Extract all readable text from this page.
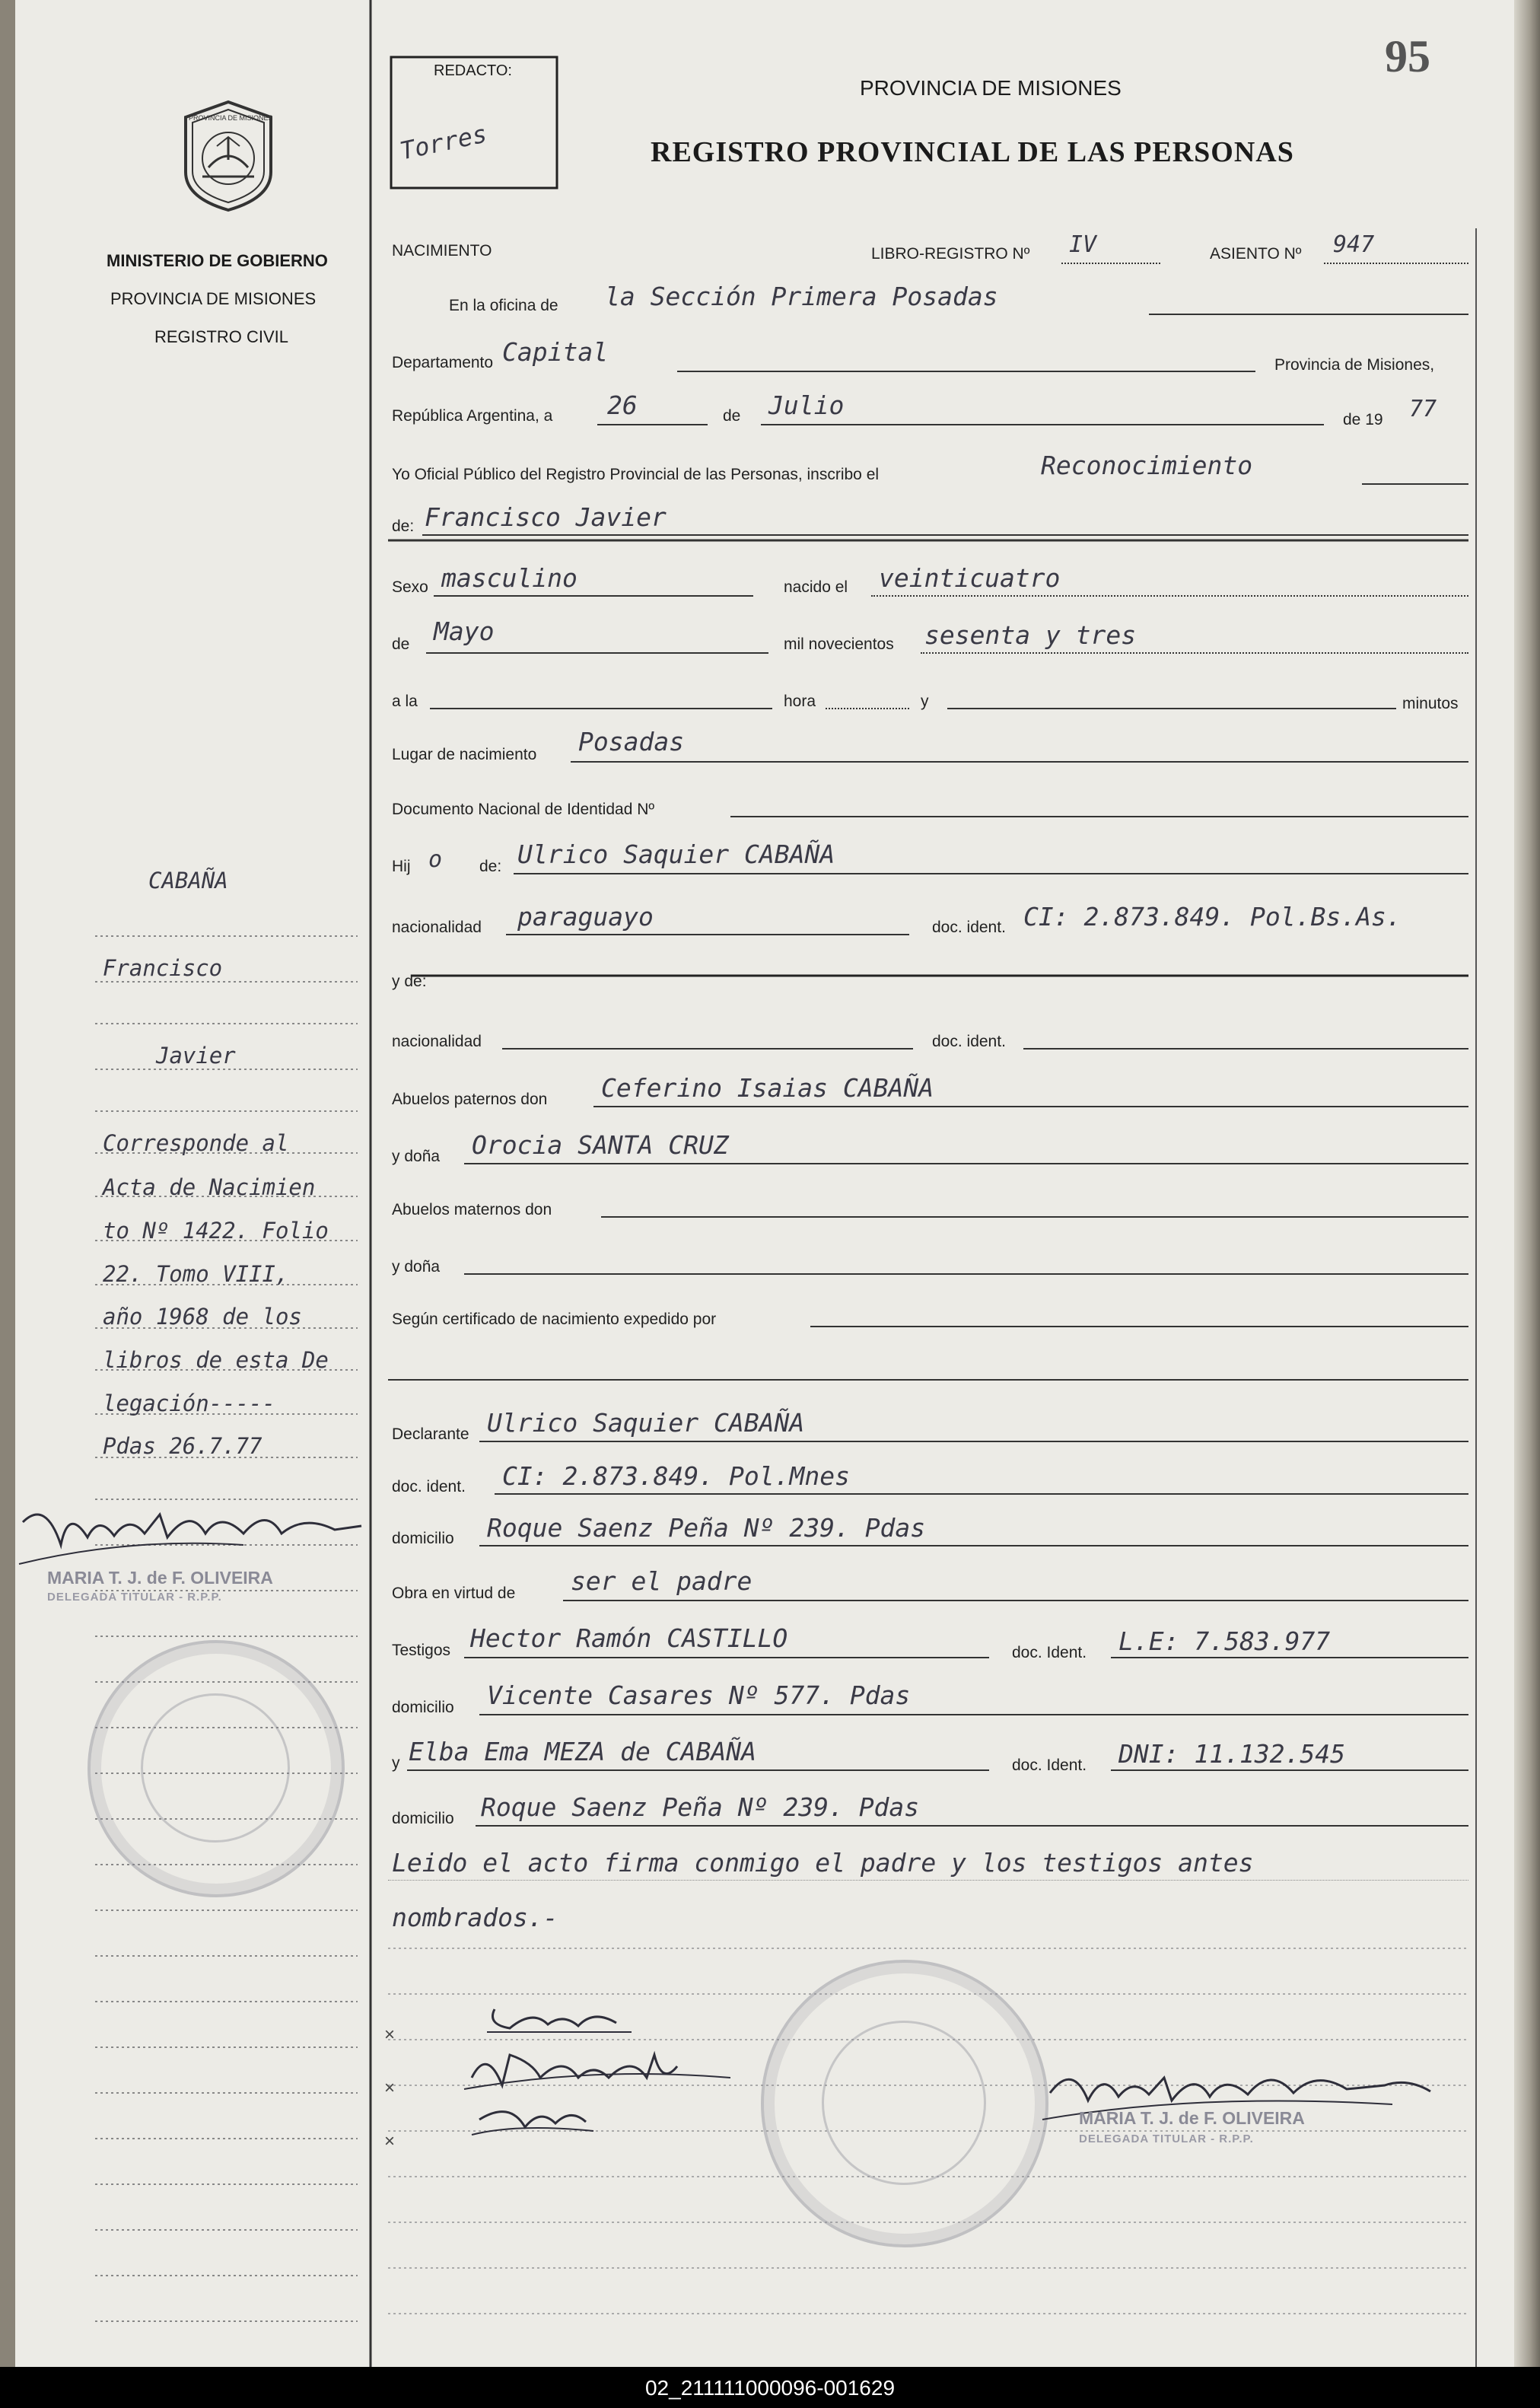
PROVINCIA DE MISIONES
MINISTERIO DE GOBIERNO
PROVINCIA DE MISIONES
REGISTRO CIVIL
REDACTO:
Torres
95
PROVINCIA DE MISIONES
REGISTRO PROVINCIAL DE LAS PERSONAS
NACIMIENTO	LIBRO-REGISTRO Nº IV	ASIENTO Nº 947
En la oficina de la Sección Primera Posadas
Departamento Capital	Provincia de Misiones,
República Argentina, a 26	de Julio	de 19 77
Yo Oficial Público del Registro Provincial de las Personas, inscribo el	Reconocimiento
de: Francisco Javier
Sexo masculino	nacido el veinticuatro
de Mayo	mil novecientos sesenta y tres
a la	hora	y	minutos
Lugar de nacimiento Posadas
Documento Nacional de Identidad Nº
Hij o de: Ulrico Saquier CABAÑA
nacionalidad paraguayo	doc. ident. CI: 2.873.849. Pol.Bs.As.
y de:
nacionalidad	doc. ident.
Abuelos paternos don Ceferino Isaias CABAÑA
y doña Orocia SANTA CRUZ
Abuelos maternos don
y doña
Según certificado de nacimiento expedido por
Declarante Ulrico Saquier CABAÑA
doc. ident. CI: 2.873.849. Pol.Mnes
domicilio Roque Saenz Peña Nº 239. Pdas
Obra en virtud de ser el padre
Testigos Hector Ramón CASTILLO	doc. Ident. L.E: 7.583.977
domicilio Vicente Casares Nº 577. Pdas
y Elba Ema MEZA de CABAÑA	doc. Ident. DNI: 11.132.545
domicilio Roque Saenz Peña Nº 239. Pdas
Leido el acto firma conmigo el padre y los testigos antes
nombrados.-
×
×
×
CABAÑA
Francisco
Javier
Corresponde al
Acta de Nacimien
to Nº 1422. Folio
22. Tomo VIII,
año 1968 de los
libros de esta De
legación-----
Pdas 26.7.77
MARIA T. J. de F. OLIVEIRA
DELEGADA TITULAR - R.P.P.
MARIA T. J. de F. OLIVEIRA
DELEGADA TITULAR - R.P.P.
02_211111000096-001629
